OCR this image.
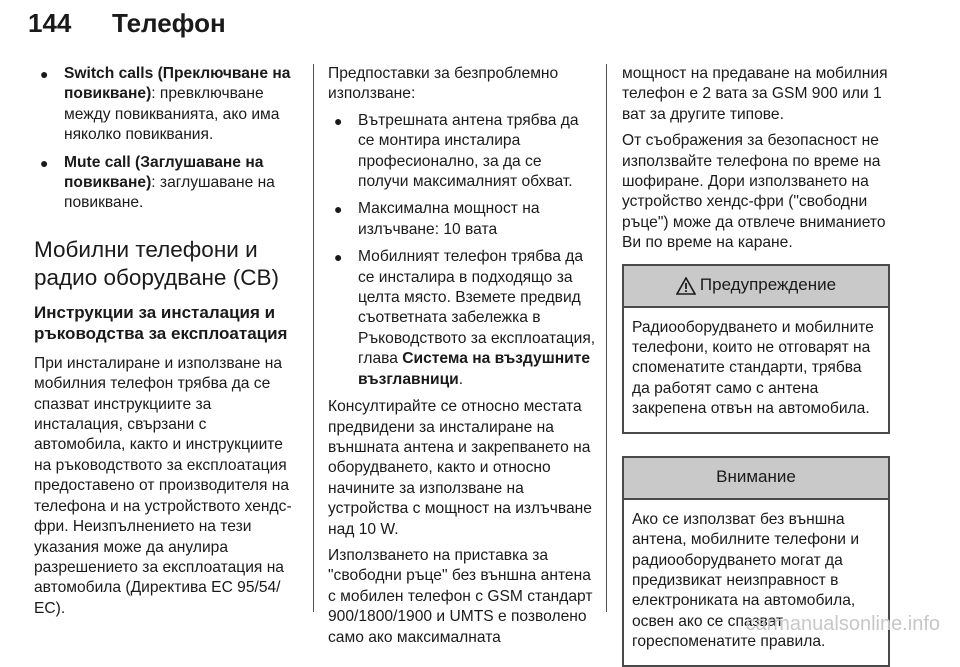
144	Телефон
● Switch calls (Преключване на повикване): превключване между повикванията, ако има няколко повиквания.
● Mute call (Заглушаване на повикване): заглушаване на повикване.
Мобилни телефони и радио оборудване (CB)
Инструкции за инсталация и ръководства за експлоатация

При инсталиране и използване на мобилния телефон трябва да се спазват инструкциите за инсталация, свързани с автомобила, както и инструкциите на ръководството за експлоатация предоставено от производителя на телефона и на устройството хендс-фри. Неизпълнението на тези указания може да анулира разрешението за експлоатация на автомобила (Директива ЕС 95/54/ЕС).

Предпоставки за безпроблемно използване:

● Вътрешната антена трябва да се монтира инсталира професионално, за да се получи максималният обхват.
● Максимална мощност на излъчване: 10 вата
● Мобилният телефон трябва да се инсталира в подходящо за целта място. Вземете предвид съответната забележка в Ръководството за експлоатация, глава Система на въздушните възглавници.

Консултирайте се относно местата предвидени за инсталиране на външната антена и закрепването на оборудването, както и относно начините за използване на устройства с мощност на излъчване над 10 W.

Използването на приставка за "свободни ръце" без външна антена с мобилен телефон с GSM стандарт 900/1800/1900 и UMTS е позволено само ако максималната

мощност на предаване на мобилния телефон е 2 вата за GSM 900 или 1 ват за другите типове.

От съображения за безопасност не използвайте телефона по време на шофиране. Дори използването на устройство хендс-фри ("свободни ръце") може да отвлече вниманието Ви по време на каране.

Предупреждение
Радиооборудването и мобилните телефони, които не отговарят на споменатите стандарти, трябва да работят само с антена закрепена отвън на автомобила.
Внимание
Ако се използват без външна антена, мобилните телефони и радиооборудването могат да предизвикат неизправност в електрониката на автомобила, освен ако се спазват гореспоменатите правила.
carmanualsonline.info
